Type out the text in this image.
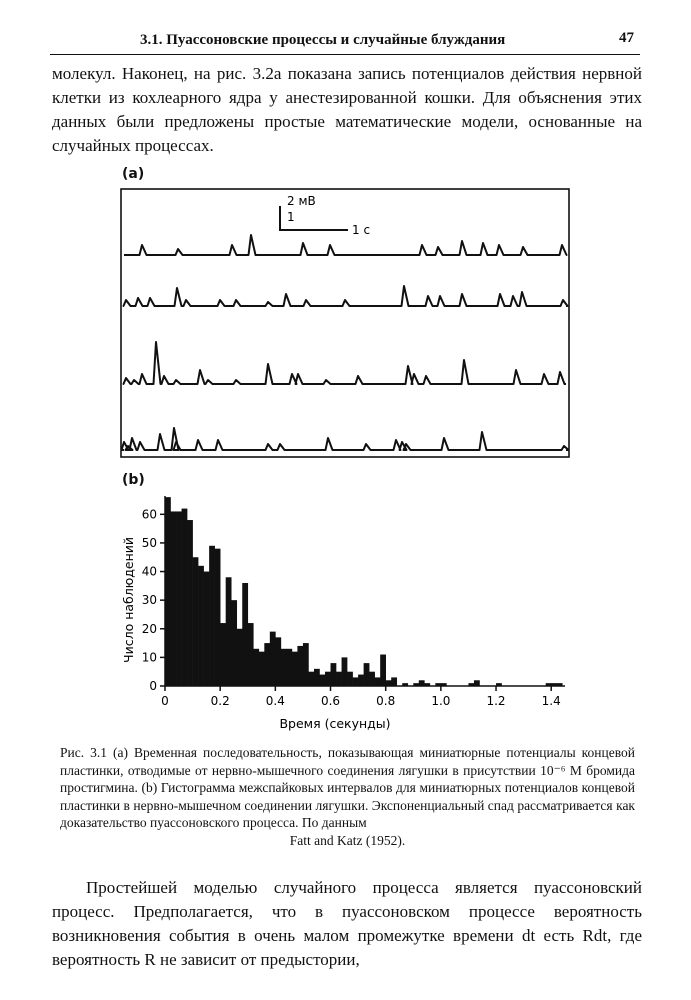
3.1. Пуассоновские процессы и случайные блуждания	47

молекул. Наконец, на рис. 3.2а показана запись потенциалов действия нервной клетки из кохлеарного ядра у анестезированной кошки. Для объяснения этих данных были предложены простые математические модели, основанные на случайных процессах.

(a)
2 мВ
1
1 с
(b)
0	0.2	0.4	0.6	0.8	1.0	1.2	1.4
0
10
20
30
40
50
60
Число наблюдений
Время (секунды)

Рис. 3.1 (a) Временная последовательность, показывающая миниатюрные потенциалы концевой пластинки, отводимые от нервно-мышечного соединения лягушки в присутствии 10⁻⁶ М бромида простигмина. (b) Гистограмма межспайковых интервалов для миниатюрных потенциалов концевой пластинки в нервно-мышечном соединении лягушки. Экспоненциальный спад рассматривается как доказательство пуассоновского процесса. По данным
Fatt and Katz (1952).

Простейшей моделью случайного процесса является пуассоновский процесс. Предполагается, что в пуассоновском процессе вероятность возникновения события в очень малом промежутке времени dt есть Rdt, где вероятность R не зависит от предыстории,
